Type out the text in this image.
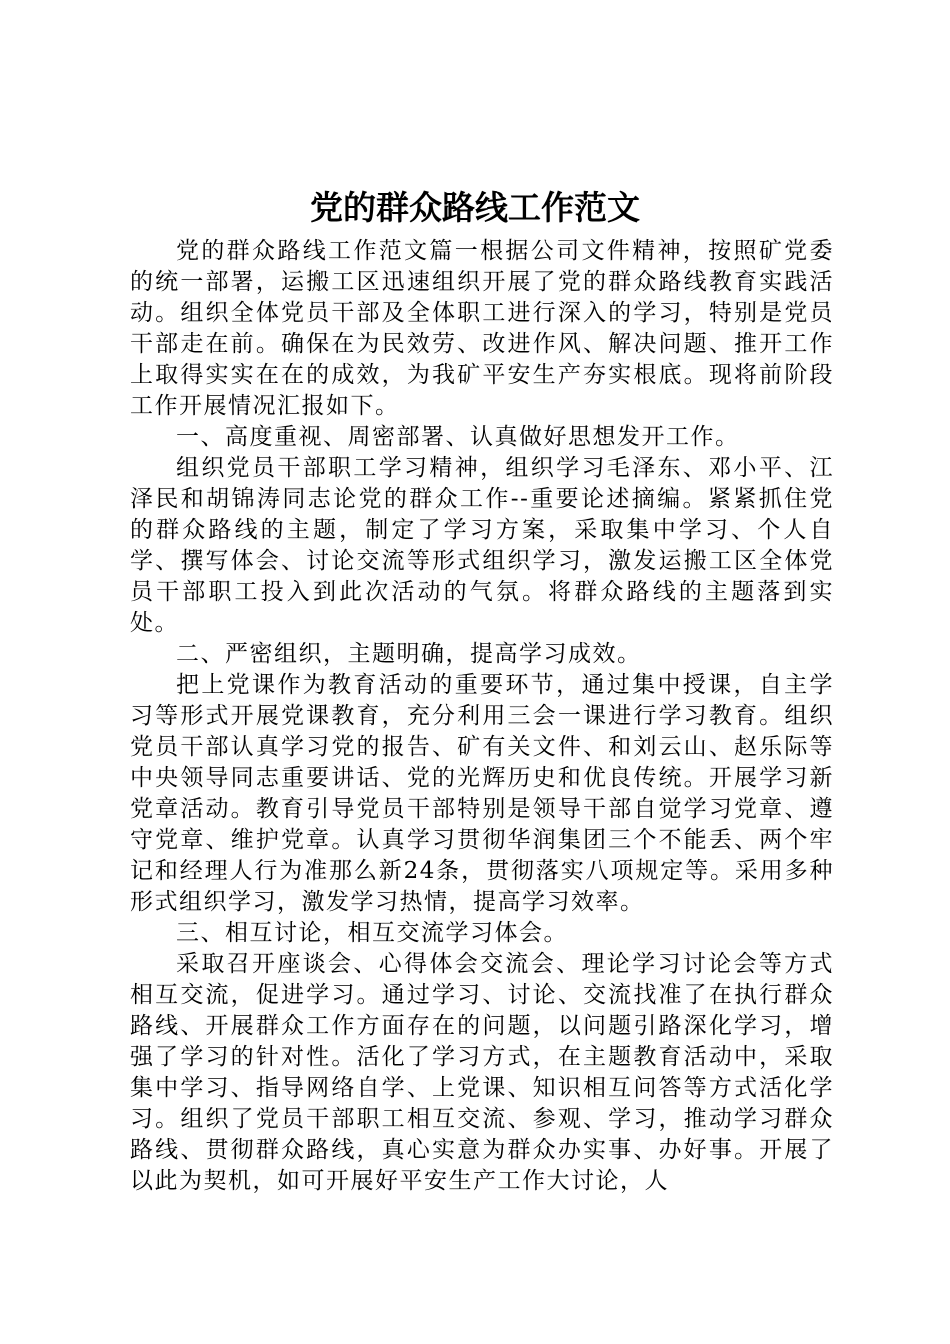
党的群众路线工作范文

党的群众路线工作范文篇一根据公司文件精神，按照矿党委的统一部署，运搬工区迅速组织开展了党的群众路线教育实践活动。组织全体党员干部及全体职工进行深入的学习，特别是党员干部走在前。确保在为民效劳、改进作风、解决问题、推开工作上取得实实在在的成效，为我矿平安生产夯实根底。现将前阶段工作开展情况汇报如下。

一、高度重视、周密部署、认真做好思想发开工作。

组织党员干部职工学习精神，组织学习毛泽东、邓小平、江泽民和胡锦涛同志论党的群众工作--重要论述摘编。紧紧抓住党的群众路线的主题，制定了学习方案，采取集中学习、个人自学、撰写体会、讨论交流等形式组织学习，激发运搬工区全体党员干部职工投入到此次活动的气氛。将群众路线的主题落到实处。

二、严密组织，主题明确，提高学习成效。

把上党课作为教育活动的重要环节，通过集中授课，自主学习等形式开展党课教育，充分利用三会一课进行学习教育。组织党员干部认真学习党的报告、矿有关文件、和刘云山、赵乐际等中央领导同志重要讲话、党的光辉历史和优良传统。开展学习新党章活动。教育引导党员干部特别是领导干部自觉学习党章、遵守党章、维护党章。认真学习贯彻华润集团三个不能丢、两个牢记和经理人行为准那么新24条，贯彻落实八项规定等。采用多种形式组织学习，激发学习热情，提高学习效率。

三、相互讨论，相互交流学习体会。

采取召开座谈会、心得体会交流会、理论学习讨论会等方式相互交流，促进学习。通过学习、讨论、交流找准了在执行群众路线、开展群众工作方面存在的问题，以问题引路深化学习，增强了学习的针对性。活化了学习方式，在主题教育活动中，采取集中学习、指导网络自学、上党课、知识相互问答等方式活化学习。组织了党员干部职工相互交流、参观、学习，推动学习群众路线、贯彻群众路线，真心实意为群众办实事、办好事。开展了以此为契机，如可开展好平安生产工作大讨论，人
